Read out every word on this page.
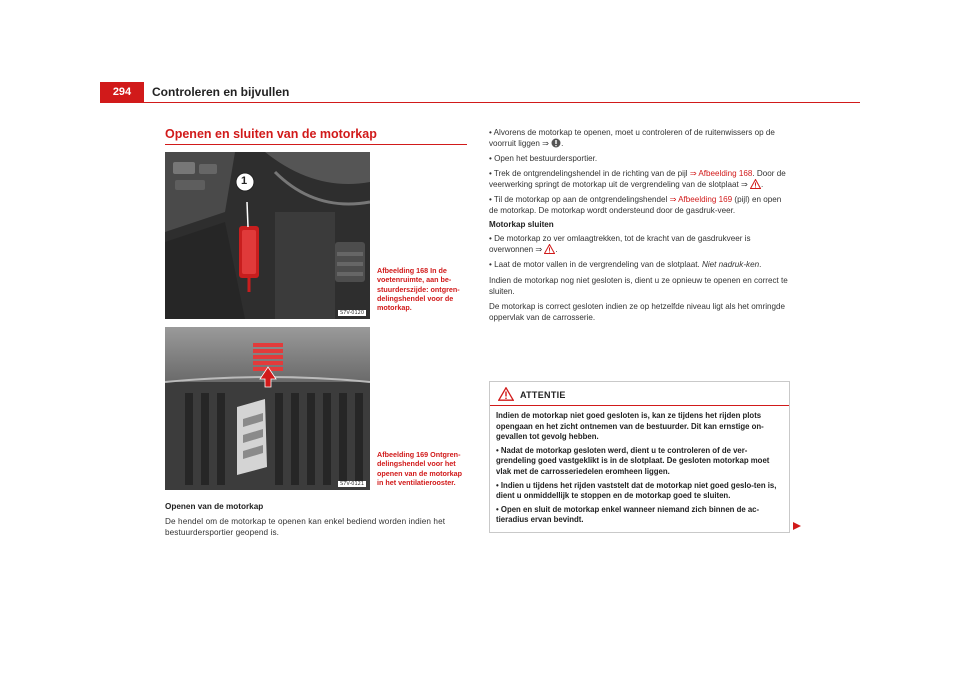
294	Controleren en bijvullen
Openen en sluiten van de motorkap
1
S7V-0120
Afbeelding 168 In de voetenruimte, aan be-stuurderszijde: ontgren-delingshendel voor de motorkap.
S7V-0121
Afbeelding 169 Ontgren-delingshendel voor het openen van de motorkap in het ventilatierooster.
Openen van de motorkap
De hendel om de motorkap te openen kan enkel bediend worden indien het bestuurdersportier geopend is.
• Alvorens de motorkap te openen, moet u controleren of de ruitenwissers op de voorruit liggen ⇒ .
• Open het bestuurdersportier.
• Trek de ontgrendelingshendel in de richting van de pijl ⇒ Afbeelding 168. Door de veerwerking springt de motorkap uit de vergrendeling van de slotplaat ⇒ .
• Til de motorkap op aan de ontgrendelingshendel ⇒ Afbeelding 169 (pijl) en open de motorkap. De motorkap wordt ondersteund door de gasdruk-veer.
Motorkap sluiten
• De motorkap zo ver omlaagtrekken, tot de kracht van de gasdrukveer is overwonnen ⇒ .
• Laat de motor vallen in de vergrendeling van de slotplaat. Niet nadruk-ken.
Indien de motorkap nog niet gesloten is, dient u ze opnieuw te openen en correct te sluiten.
De motorkap is correct gesloten indien ze op hetzelfde niveau ligt als het omringde oppervlak van de carrosserie.
ATTENTIE
Indien de motorkap niet goed gesloten is, kan ze tijdens het rijden plots opengaan en het zicht ontnemen van de bestuurder. Dit kan ernstige on-gevallen tot gevolg hebben.
• Nadat de motorkap gesloten werd, dient u te controleren of de ver-grendeling goed vastgeklikt is in de slotplaat. De gesloten motorkap moet vlak met de carrosseriedelen eromheen liggen.
• Indien u tijdens het rijden vaststelt dat de motorkap niet goed geslo-ten is, dient u onmiddellijk te stoppen en de motorkap goed te sluiten.
• Open en sluit de motorkap enkel wanneer niemand zich binnen de ac-tieradius ervan bevindt.
